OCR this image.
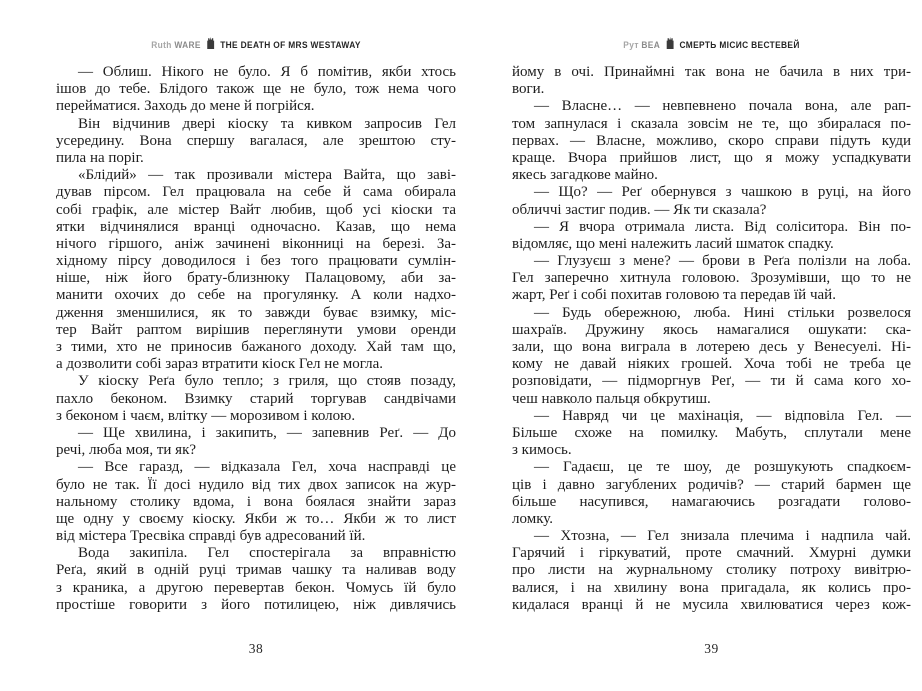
Ruth WARE THE DEATH OF MRS WESTAWAY
— Облиш. Нікого не було. Я б помітив, якби хтось
ішов до тебе. Блідого також ще не було, тож нема чого
перейматися. Заходь до мене й погрійся.
Він відчинив двері кіоску та кивком запросив Гел
усередину. Вона спершу вагалася, але зрештою сту-
пила на поріг.
«Блідий» — так прозивали містера Вайта, що заві-
дував пірсом. Гел працювала на себе й сама обирала
собі графік, але містер Вайт любив, щоб усі кіоски та
ятки відчинялися вранці одночасно. Казав, що нема
нічого гіршого, аніж зачинені віконниці на березі. За-
хідному пірсу доводилося і без того працювати сумлін-
ніше, ніж його брату-близнюку Палацовому, аби за-
манити охочих до себе на прогулянку. А коли надхо-
дження зменшилися, як то завжди буває взимку, міс-
тер Вайт раптом вирішив переглянути умови оренди
з тими, хто не приносив бажаного доходу. Хай там що,
а дозволити собі зараз втратити кіоск Гел не могла.
У кіоску Реґа було тепло; з гриля, що стояв позаду,
пахло беконом. Взимку старий торгував сандвічами
з беконом і чаєм, влітку — морозивом і колою.
— Ще хвилина, і закипить, — запевнив Реґ. — До
речі, люба моя, ти як?
— Все гаразд, — відказала Гел, хоча насправді це
було не так. Її досі нудило від тих двох записок на жур-
нальному столику вдома, і вона боялася знайти зараз
ще одну у своєму кіоску. Якби ж то… Якби ж то лист
від містера Тресвіка справді був адресований їй.
Вода закипіла. Гел спостерігала за вправністю
Реґа, який в одній руці тримав чашку та наливав воду
з краника, а другою перевертав бекон. Чомусь їй було
простіше говорити з його потилицею, ніж дивлячись
38
Рут ВЕА СМЕРТЬ МІСИС ВЕСТЕВЕЙ
йому в очі. Принаймні так вона не бачила в них три-
воги.
— Власне… — невпевнено почала вона, але рап-
том запнулася і сказала зовсім не те, що збиралася по-
первах. — Власне, можливо, скоро справи підуть куди
краще. Вчора прийшов лист, що я можу успадкувати
якесь загадкове майно.
— Що? — Реґ обернувся з чашкою в руці, на його
обличчі застиг подив. — Як ти сказала?
— Я вчора отримала листа. Від соліситора. Він по-
відомляє, що мені належить ласий шматок спадку.
— Глузуєш з мене? — брови в Реґа полізли на лоба.
Гел заперечно хитнула головою. Зрозумівши, що то не
жарт, Реґ і собі похитав головою та передав їй чай.
— Будь обережною, люба. Нині стільки розвелося
шахраїв. Дружину якось намагалися ошукати: ска-
зали, що вона виграла в лотерею десь у Венесуелі. Ні-
кому не давай ніяких грошей. Хоча тобі не треба це
розповідати, — підморгнув Реґ, — ти й сама кого хо-
чеш навколо пальця обкрутиш.
— Навряд чи це махінація, — відповіла Гел. —
Більше схоже на помилку. Мабуть, сплутали мене
з кимось.
— Гадаєш, це те шоу, де розшукують спадкоєм-
ців і давно загублених родичів? — старий бармен ще
більше насупився, намагаючись розгадати голово-
ломку.
— Хтозна, — Гел знизала плечима і надпила чай.
Гарячий і гіркуватий, проте смачний. Хмурні думки
про листи на журнальному столику потроху вивітрю-
валися, і на хвилину вона пригадала, як колись про-
кидалася вранці й не мусила хвилюватися через кож-
39
